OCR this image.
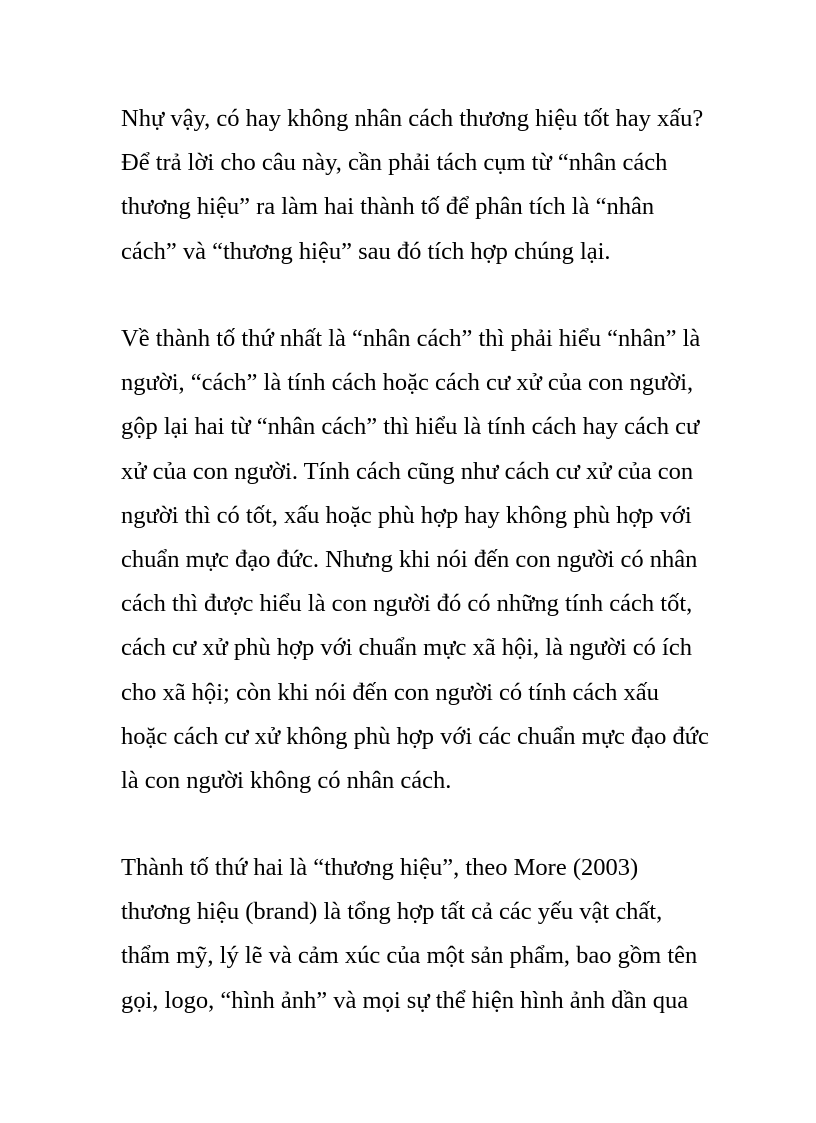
Nhự vậy, có hay không nhân cách thương hiệu tốt hay xấu?
Để trả lời cho câu này, cần phải tách cụm từ “nhân cách
thương hiệu” ra làm hai thành tố để phân tích là “nhân
cách” và “thương hiệu” sau đó tích hợp chúng lại.
Về thành tố thứ nhất là “nhân cách” thì phải hiểu “nhân” là
người, “cách” là tính cách hoặc cách cư xử của con người,
gộp lại hai từ “nhân cách” thì hiểu là tính cách hay cách cư
xử của con người. Tính cách cũng như cách cư xử của con
người thì có tốt, xấu hoặc phù hợp hay không phù hợp với
chuẩn mực đạo đức. Nhưng khi nói đến con người có nhân
cách thì được hiểu là con người đó có những tính cách tốt,
cách cư xử phù hợp với chuẩn mực xã hội, là người có ích
cho xã hội; còn khi nói đến con người có tính cách xấu
hoặc cách cư xử không phù hợp với các chuẩn mực đạo đức
là con người không có nhân cách.
Thành tố thứ hai là “thương hiệu”, theo More (2003)
thương hiệu (brand) là tổng hợp tất cả các yếu vật chất,
thẩm mỹ, lý lẽ và cảm xúc của một sản phẩm, bao gồm tên
gọi, logo, “hình ảnh” và mọi sự thể hiện hình ảnh dần qua
